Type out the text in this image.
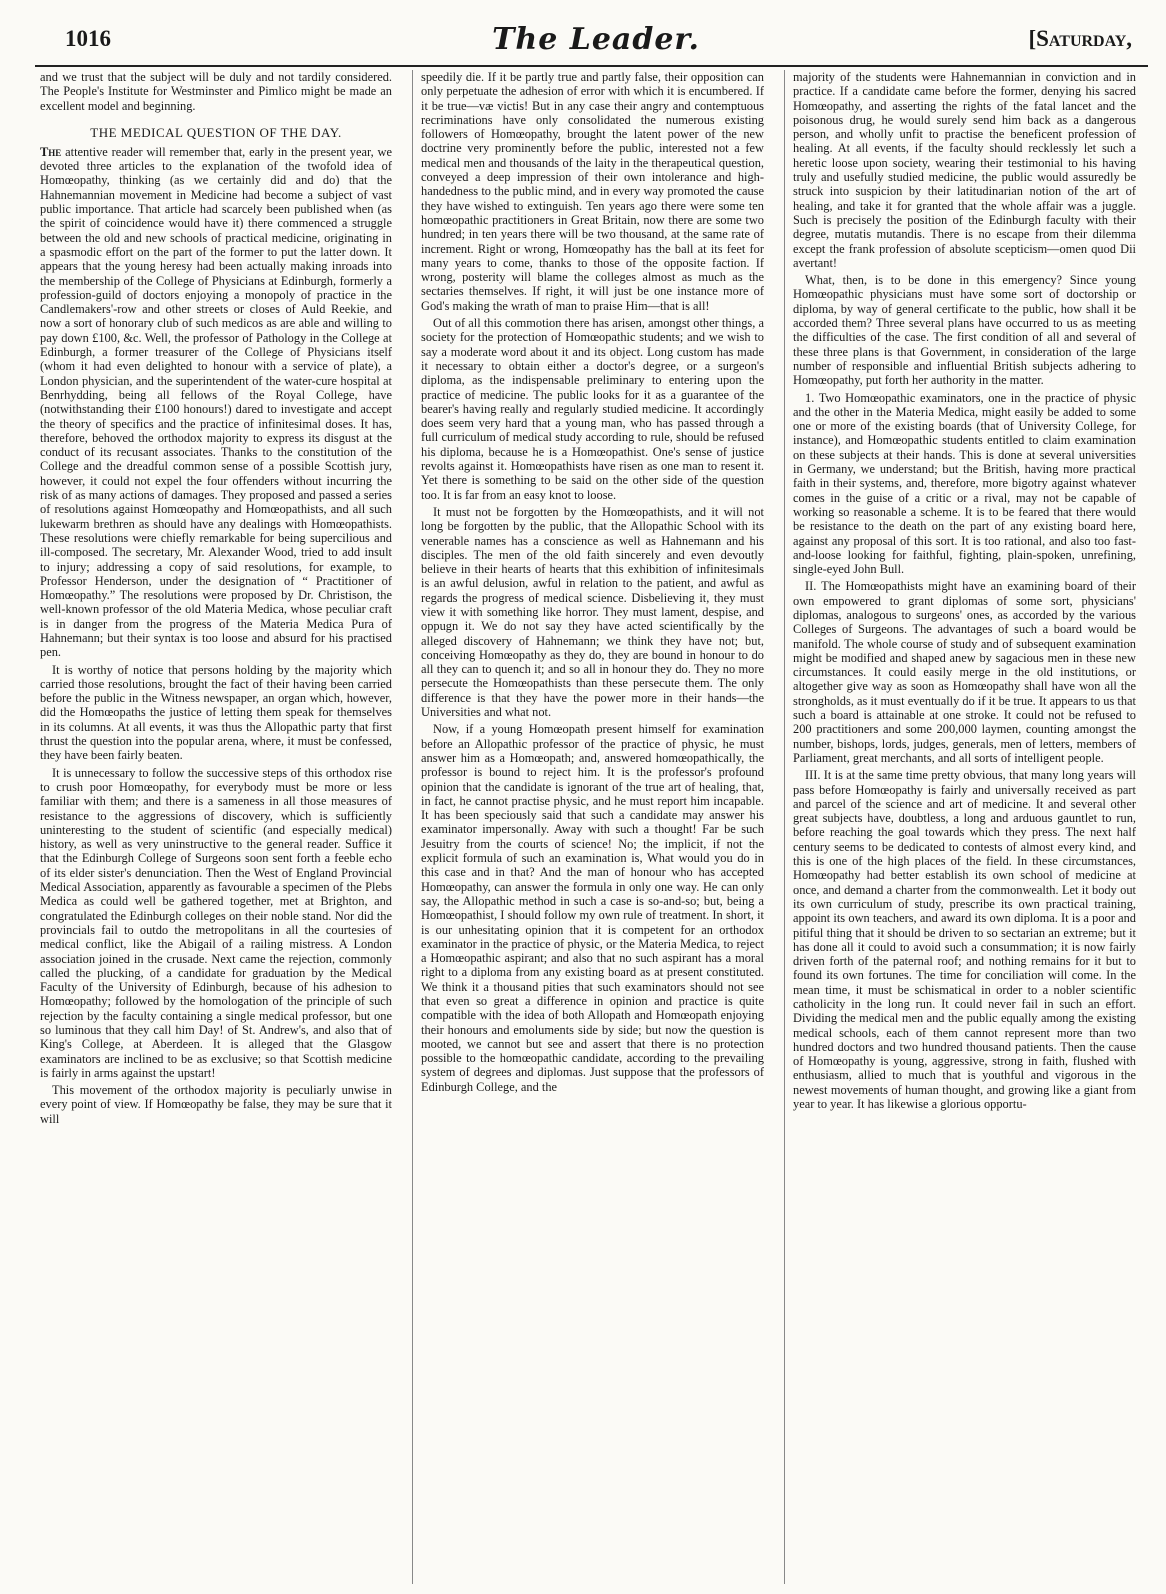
1016	The Leader.	[Saturday,

and we trust that the subject will be duly and not tardily considered. The People's Institute for Westminster and Pimlico might be made an excellent model and beginning.

THE MEDICAL QUESTION OF THE DAY.

The attentive reader will remember that, early in the present year, we devoted three articles to the explanation of the twofold idea of Homœopathy, thinking (as we certainly did and do) that the Hahnemannian movement in Medicine had become a subject of vast public importance. That article had scarcely been published when (as the spirit of coincidence would have it) there commenced a struggle between the old and new schools of practical medicine, originating in a spasmodic effort on the part of the former to put the latter down. It appears that the young heresy had been actually making inroads into the membership of the College of Physicians at Edinburgh, formerly a profession-guild of doctors enjoying a monopoly of practice in the Candlemakers'-row and other streets or closes of Auld Reekie, and now a sort of honorary club of such medicos as are able and willing to pay down £100, &c. Well, the professor of Pathology in the College at Edinburgh, a former treasurer of the College of Physicians itself (whom it had even delighted to honour with a service of plate), a London physician, and the superintendent of the water-cure hospital at Benrhydding, being all fellows of the Royal College, have (notwithstanding their £100 honours!) dared to investigate and accept the theory of specifics and the practice of infinitesimal doses. It has, therefore, behoved the orthodox majority to express its disgust at the conduct of its recusant associates. Thanks to the constitution of the College and the dreadful common sense of a possible Scottish jury, however, it could not expel the four offenders without incurring the risk of as many actions of damages. They proposed and passed a series of resolutions against Homœopathy and Homœopathists, and all such lukewarm brethren as should have any dealings with Homœopathists. These resolutions were chiefly remarkable for being supercilious and ill-composed. The secretary, Mr. Alexander Wood, tried to add insult to injury; addressing a copy of said resolutions, for example, to Professor Henderson, under the designation of “ Practitioner of Homœopathy.” The resolutions were proposed by Dr. Christison, the well-known professor of the old Materia Medica, whose peculiar craft is in danger from the progress of the Materia Medica Pura of Hahnemann; but their syntax is too loose and absurd for his practised pen.

It is worthy of notice that persons holding by the majority which carried those resolutions, brought the fact of their having been carried before the public in the Witness newspaper, an organ which, however, did the Homœopaths the justice of letting them speak for themselves in its columns. At all events, it was thus the Allopathic party that first thrust the question into the popular arena, where, it must be confessed, they have been fairly beaten.

It is unnecessary to follow the successive steps of this orthodox rise to crush poor Homœopathy, for everybody must be more or less familiar with them; and there is a sameness in all those measures of resistance to the aggressions of discovery, which is sufficiently uninteresting to the student of scientific (and especially medical) history, as well as very uninstructive to the general reader. Suffice it that the Edinburgh College of Surgeons soon sent forth a feeble echo of its elder sister's denunciation. Then the West of England Provincial Medical Association, apparently as favourable a specimen of the Plebs Medica as could well be gathered together, met at Brighton, and congratulated the Edinburgh colleges on their noble stand. Nor did the provincials fail to outdo the metropolitans in all the courtesies of medical conflict, like the Abigail of a railing mistress. A London association joined in the crusade. Next came the rejection, commonly called the plucking, of a candidate for graduation by the Medical Faculty of the University of Edinburgh, because of his adhesion to Homœopathy; followed by the homologation of the principle of such rejection by the faculty containing a single medical professor, but one so luminous that they call him Day! of St. Andrew's, and also that of King's College, at Aberdeen. It is alleged that the Glasgow examinators are inclined to be as exclusive; so that Scottish medicine is fairly in arms against the upstart!

This movement of the orthodox majority is peculiarly unwise in every point of view. If Homœopathy be false, they may be sure that it will

speedily die. If it be partly true and partly false, their opposition can only perpetuate the adhesion of error with which it is encumbered. If it be true—væ victis! But in any case their angry and contemptuous recriminations have only consolidated the numerous existing followers of Homœopathy, brought the latent power of the new doctrine very prominently before the public, interested not a few medical men and thousands of the laity in the therapeutical question, conveyed a deep impression of their own intolerance and high-handedness to the public mind, and in every way promoted the cause they have wished to extinguish. Ten years ago there were some ten homœopathic practitioners in Great Britain, now there are some two hundred; in ten years there will be two thousand, at the same rate of increment. Right or wrong, Homœopathy has the ball at its feet for many years to come, thanks to those of the opposite faction. If wrong, posterity will blame the colleges almost as much as the sectaries themselves. If right, it will just be one instance more of God's making the wrath of man to praise Him—that is all!

Out of all this commotion there has arisen, amongst other things, a society for the protection of Homœopathic students; and we wish to say a moderate word about it and its object. Long custom has made it necessary to obtain either a doctor's degree, or a surgeon's diploma, as the indispensable preliminary to entering upon the practice of medicine. The public looks for it as a guarantee of the bearer's having really and regularly studied medicine. It accordingly does seem very hard that a young man, who has passed through a full curriculum of medical study according to rule, should be refused his diploma, because he is a Homœopathist. One's sense of justice revolts against it. Homœopathists have risen as one man to resent it. Yet there is something to be said on the other side of the question too. It is far from an easy knot to loose.

It must not be forgotten by the Homœopathists, and it will not long be forgotten by the public, that the Allopathic School with its venerable names has a conscience as well as Hahnemann and his disciples. The men of the old faith sincerely and even devoutly believe in their hearts of hearts that this exhibition of infinitesimals is an awful delusion, awful in relation to the patient, and awful as regards the progress of medical science. Disbelieving it, they must view it with something like horror. They must lament, despise, and oppugn it. We do not say they have acted scientifically by the alleged discovery of Hahnemann; we think they have not; but, conceiving Homœopathy as they do, they are bound in honour to do all they can to quench it; and so all in honour they do. They no more persecute the Homœopathists than these persecute them. The only difference is that they have the power more in their hands—the Universities and what not.

Now, if a young Homœopath present himself for examination before an Allopathic professor of the practice of physic, he must answer him as a Homœopath; and, answered homœopathically, the professor is bound to reject him. It is the professor's profound opinion that the candidate is ignorant of the true art of healing, that, in fact, he cannot practise physic, and he must report him incapable. It has been speciously said that such a candidate may answer his examinator impersonally. Away with such a thought! Far be such Jesuitry from the courts of science! No; the implicit, if not the explicit formula of such an examination is, What would you do in this case and in that? And the man of honour who has accepted Homœopathy, can answer the formula in only one way. He can only say, the Allopathic method in such a case is so-and-so; but, being a Homœopathist, I should follow my own rule of treatment. In short, it is our unhesitating opinion that it is competent for an orthodox examinator in the practice of physic, or the Materia Medica, to reject a Homœopathic aspirant; and also that no such aspirant has a moral right to a diploma from any existing board as at present constituted. We think it a thousand pities that such examinators should not see that even so great a difference in opinion and practice is quite compatible with the idea of both Allopath and Homœopath enjoying their honours and emoluments side by side; but now the question is mooted, we cannot but see and assert that there is no protection possible to the homœopathic candidate, according to the prevailing system of degrees and diplomas. Just suppose that the professors of Edinburgh College, and the

majority of the students were Hahnemannian in conviction and in practice. If a candidate came before the former, denying his sacred Homœopathy, and asserting the rights of the fatal lancet and the poisonous drug, he would surely send him back as a dangerous person, and wholly unfit to practise the beneficent profession of healing. At all events, if the faculty should recklessly let such a heretic loose upon society, wearing their testimonial to his having truly and usefully studied medicine, the public would assuredly be struck into suspicion by their latitudinarian notion of the art of healing, and take it for granted that the whole affair was a juggle. Such is precisely the position of the Edinburgh faculty with their degree, mutatis mutandis. There is no escape from their dilemma except the frank profession of absolute scepticism—omen quod Dii avertant!

What, then, is to be done in this emergency? Since young Homœopathic physicians must have some sort of doctorship or diploma, by way of general certificate to the public, how shall it be accorded them? Three several plans have occurred to us as meeting the difficulties of the case. The first condition of all and several of these three plans is that Government, in consideration of the large number of responsible and influential British subjects adhering to Homœopathy, put forth her authority in the matter.

1. Two Homœopathic examinators, one in the practice of physic and the other in the Materia Medica, might easily be added to some one or more of the existing boards (that of University College, for instance), and Homœopathic students entitled to claim examination on these subjects at their hands. This is done at several universities in Germany, we understand; but the British, having more practical faith in their systems, and, therefore, more bigotry against whatever comes in the guise of a critic or a rival, may not be capable of working so reasonable a scheme. It is to be feared that there would be resistance to the death on the part of any existing board here, against any proposal of this sort. It is too rational, and also too fast-and-loose looking for faithful, fighting, plain-spoken, unrefining, single-eyed John Bull.

II. The Homœopathists might have an examining board of their own empowered to grant diplomas of some sort, physicians' diplomas, analogous to surgeons' ones, as accorded by the various Colleges of Surgeons. The advantages of such a board would be manifold. The whole course of study and of subsequent examination might be modified and shaped anew by sagacious men in these new circumstances. It could easily merge in the old institutions, or altogether give way as soon as Homœopathy shall have won all the strongholds, as it must eventually do if it be true. It appears to us that such a board is attainable at one stroke. It could not be refused to 200 practitioners and some 200,000 laymen, counting amongst the number, bishops, lords, judges, generals, men of letters, members of Parliament, great merchants, and all sorts of intelligent people.

III. It is at the same time pretty obvious, that many long years will pass before Homœopathy is fairly and universally received as part and parcel of the science and art of medicine. It and several other great subjects have, doubtless, a long and arduous gauntlet to run, before reaching the goal towards which they press. The next half century seems to be dedicated to contests of almost every kind, and this is one of the high places of the field. In these circumstances, Homœopathy had better establish its own school of medicine at once, and demand a charter from the commonwealth. Let it body out its own curriculum of study, prescribe its own practical training, appoint its own teachers, and award its own diploma. It is a poor and pitiful thing that it should be driven to so sectarian an extreme; but it has done all it could to avoid such a consummation; it is now fairly driven forth of the paternal roof; and nothing remains for it but to found its own fortunes. The time for conciliation will come. In the mean time, it must be schismatical in order to a nobler scientific catholicity in the long run. It could never fail in such an effort. Dividing the medical men and the public equally among the existing medical schools, each of them cannot represent more than two hundred doctors and two hundred thousand patients. Then the cause of Homœopathy is young, aggressive, strong in faith, flushed with enthusiasm, allied to much that is youthful and vigorous in the newest movements of human thought, and growing like a giant from year to year. It has likewise a glorious opportu-
